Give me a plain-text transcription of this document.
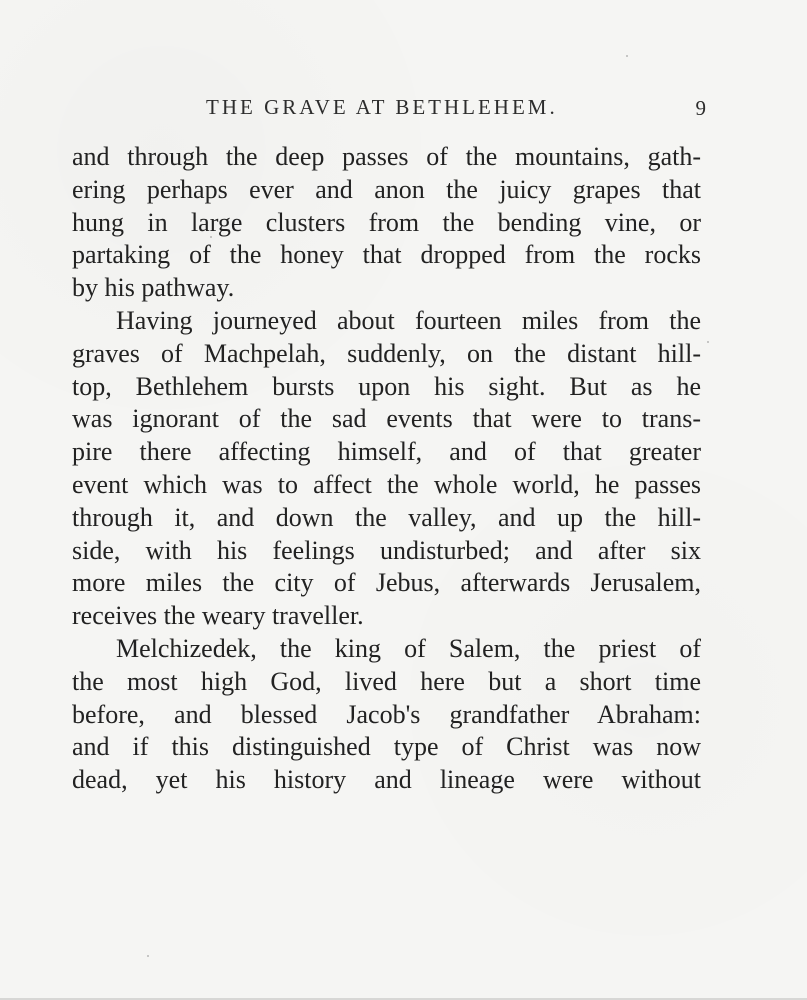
THE GRAVE AT BETHLEHEM.	9
and through the deep passes of the mountains, gath-
ering perhaps ever and anon the juicy grapes that
hung in large clusters from the bending vine, or
partaking of the honey that dropped from the rocks
by his pathway.
Having journeyed about fourteen miles from the
graves of Machpelah, suddenly, on the distant hill-
top, Bethlehem bursts upon his sight. But as he
was ignorant of the sad events that were to trans-
pire there affecting himself, and of that greater
event which was to affect the whole world, he passes
through it, and down the valley, and up the hill-
side, with his feelings undisturbed; and after six
more miles the city of Jebus, afterwards Jerusalem,
receives the weary traveller.
Melchizedek, the king of Salem, the priest of
the most high God, lived here but a short time
before, and blessed Jacob's grandfather Abraham:
and if this distinguished type of Christ was now
dead, yet his history and lineage were without
